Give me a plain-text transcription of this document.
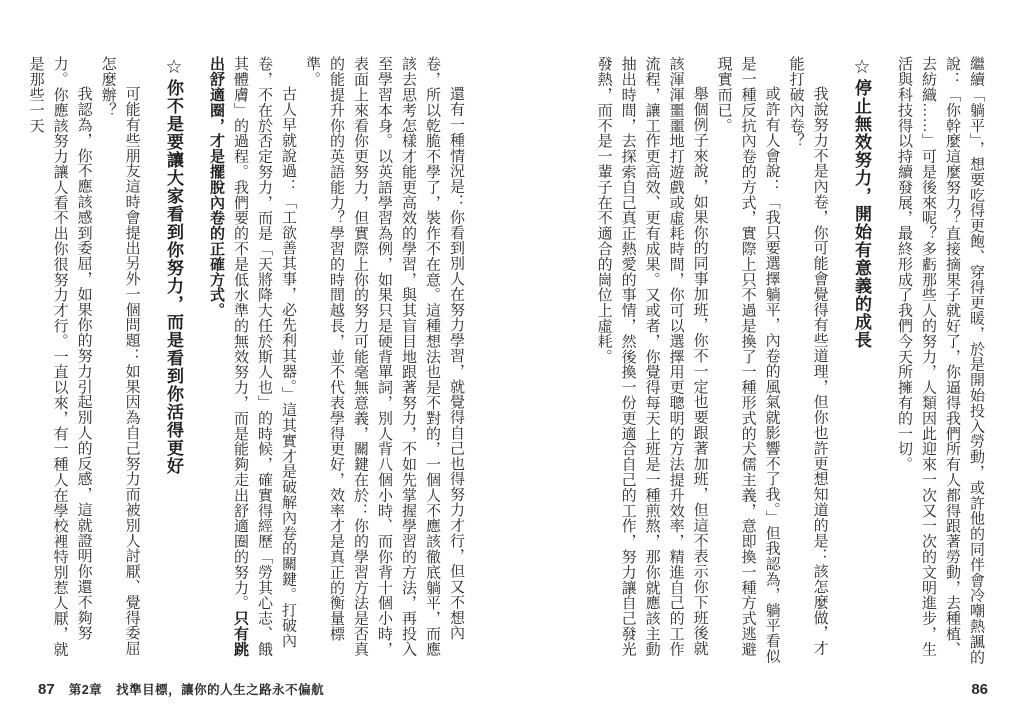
繼續「躺平」，想要吃得更飽、穿得更暖，於是開始投入勞動，或許他的同伴會冷嘲熱諷的說：「你幹麼這麼努力？直接摘果子就好了，你逼得我們所有人都得跟著勞動，去種植、去紡織……」可是後來呢？多虧那些人的努力，人類因此迎來一次又一次的文明進步，生活與科技得以持續發展，最終形成了我們今天所擁有的一切。

☆停止無效努力，開始有意義的成長

我說努力不是內卷，你可能會覺得有些道理，但你也許更想知道的是：該怎麼做，才能打破內卷？

或許有人會說：「我只要選擇躺平，內卷的風氣就影響不了我。」但我認為，躺平看似是一種反抗內卷的方式，實際上只不過是換了一種形式的犬儒主義，意即換一種方式逃避現實而已。

舉個例子來說，如果你的同事加班，你不一定也要跟著加班，但這不表示你下班後就該渾渾噩噩地打遊戲或虛耗時間，你可以選擇用更聰明的方法提升效率，精進自己的工作流程，讓工作更高效、更有成果。又或者，你覺得每天上班是一種煎熬，那你就應該主動抽出時間，去探索自己真正熱愛的事情，然後換一份更適合自己的工作，努力讓自己發光發熱，而不是一輩子在不適合的崗位上虛耗。

86

還有一種情況是：你看到別人在努力學習，就覺得自己也得努力才行，但又不想內卷，所以乾脆不學了，裝作不在意。這種想法也是不對的，一個人不應該徹底躺平，而應該去思考怎樣才能更高效的學習，與其盲目地跟著努力，不如先掌握學習的方法，再投入至學習本身。以英語學習為例，如果只是硬背單詞，別人背八個小時、而你背十個小時，表面上來看你更努力，但實際上你的努力可能毫無意義，關鍵在於：你的學習方法是否真的能提升你的英語能力？學習的時間越長，並不代表學得更好，效率才是真正的衡量標準。

古人早就說過：「工欲善其事，必先利其器。」這其實才是破解內卷的關鍵。打破內卷，不在於否定努力，而是「天將降大任於斯人也」的時候，確實得經歷「勞其心志、餓其體膚」的過程。我們要的不是低水準的無效努力，而是能夠走出舒適圈的努力。只有跳出舒適圈，才是擺脫內卷的正確方式。

☆你不是要讓大家看到你努力，而是看到你活得更好

可能有些朋友這時會提出另外一個問題：如果因為自己努力而被別人討厭、覺得委屈怎麼辦？

我認為，你不應該感到委屈，如果你的努力引起別人的反感，這就證明你還不夠努力。你應該努力讓人看不出你很努力才行。一直以來，有一種人在學校裡特別惹人厭，就是那些一天

87 第2章 找準目標，讓你的人生之路永不偏航
